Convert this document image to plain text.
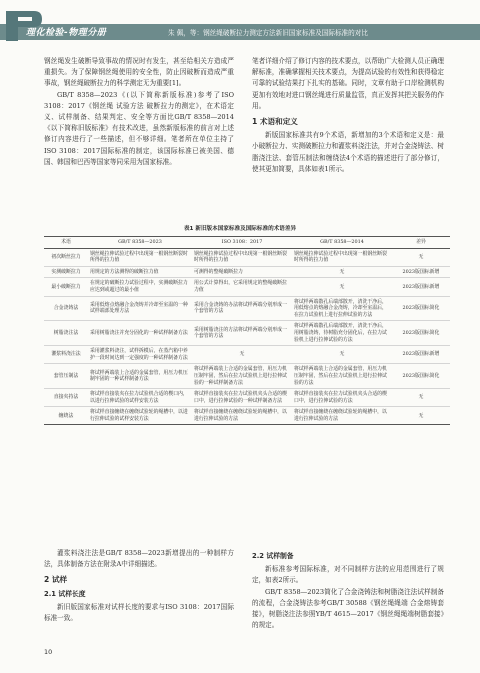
理化检验-物理分册	朱 佩，等：钢丝绳破断拉力测定方法新旧国家标准及国际标准的对比

钢丝绳发生破断导致事故的情况时有发生，甚至给相关方造成严重损失。为了保障钢丝绳使用的安全性，防止因破断而造成严重事故，钢丝绳破断拉力的科学测定无为重要[1]。

GB/T 8358—2023《(以下简称新版标准)参考了ISO 3108：2017《钢丝绳 试验方法 破断拉力的测定》，在术语定义、试样制备、结果判定、安全等方面比GB/T 8358—2014《以下简称旧版标准》有技术改进，虽然新版标准的前言对上述修订内容进行了一些描述，但不够详细。笔者所在单位主持了ISO 3108：2017国际标准的制定，该国际标准已被美国、德国、韩国和巴西等国家等同采用为国家标准。

笔者详细介绍了修订内容的技术要点，以帮助广大检测人员正确理解标准，准确掌握相关技术要点，为提高试验的有效性和获得稳定可靠的试验结果打下扎实的基础。同时，文章有助于口岸检测机构更加有效地对进口钢丝绳进行质量监管，真正发挥其把关服务的作用。

1 术语和定义

新版国家标准共有9个术语，新增加的3个术语和定义是：最小破断拉力、实测破断拉力和灌浆料浇注法，并对合金浇铸法、树脂浇注法、套管压制法和缠绕法4个术语的描述进行了部分修订，使其更加简要，具体如表1所示。

表1 新旧版本国家标准及国际标准的术语差异
术语	GB/T 8358—2023	ISO 3108：2017	GB/T 8358—2014	差异
初次断丝拉力	钢丝绳拉伸试验过程中出现第一根钢丝断裂时所得的拉力值	钢丝绳拉伸试验过程中出现第一根钢丝断裂时所得的拉力值	钢丝绳拉伸试验过程中出现第一根钢丝断裂时所得的拉力值	无
实测破断拉力	用规定的方法测得的破断拉力值	可测得的整绳破断拉力	无	2023版国标新增
最小破断拉力	在规定的破断拉力试验过程中，实测破断拉力应达到或超过的最小值	用公式计算得出，它采用规定的整绳破断拉力值	无	2023版国标新增
合金浇铸法	采用低熔点熔融合金浇铸并冷却至室温的一种试样端部处理方法	采用合金浇铸的办法将试样两端分别形成一个套管的方法	将试样两端散孔后端部散开，清洗干净后，用低熔点的熔融合金浇铸，冷却至室温后，在拉力试验机上进行拉伸试验的方法	2023版国标简化
树脂浇注法	采用树脂浇注并充分固化的一种试样制备方法	采用树脂浇注的方法将试样两端分别形成一个套管的方法	将试样两端散孔后端部散开，清洗干净后，用树脂浇铸，待树脂充分固化后，在拉力试验机上进行拉伸试验的方法	2023版国标简化
灌浆料浇注法	采用灌浆料浇注，试样拆模后，在蒸汽箱中养护一段时间达到一定强度的一种试样制备方法	无	无	2023版国标新增
套管压制法	将试样两端装上合适的金属套管，用压力机压制牢固的一种试样制备方法	将试样两端装上合适的金属套管，用压力机压制牢固，然后在拉力试验机上进行拉伸试验的一种试样制备方法	将试样两端装上合适的金属套管，用压力机压制牢固，然后在拉力试验机上进行拉伸试验的方法	2023版国标简化
直接夹持法	将试样直接装夹在拉力试验机合适的楔口内，以进行拉伸试验的试样安装方法	将试样直接装夹在拉力试验机夹头合适的楔口中，进行拉伸试验的一种试样制备方法	将试样直接装夹在拉力试验机夹头合适的楔口中，进行拉伸试验的方法	无
缠绕法	将试样直接缠绕在缠绕试验轮的绳槽中，以进行拉伸试验的试样安装方法	将试样直接缠绕在缠绕试验轮的绳槽中，以进行拉伸试验的方法	将试样直接缠绕在缠绕试验轮的绳槽中，以进行拉伸试验的方法	无

灌浆料浇注法是GB/T 8358—2023新增提出的一种制样方法，具体制备方法在附录A中详细描述。

2 试样
2.1 试样长度

新旧版国家标准对试样长度的要求与ISO 3108：2017国际标准一致。

2.2 试样制备

新标准参考国际标准，对不同制样方法的应用范围进行了规定，如表2所示。

GB/T 8358—2023简化了合金浇铸法和树脂浇注法试样制备的流程，合金浇铸法参考GB/T 30588《钢丝绳绳端 合金熔铸套接》，树脂浇注法参照YB/T 4615—2017《钢丝绳绳端树脂套接》的规定。

10
